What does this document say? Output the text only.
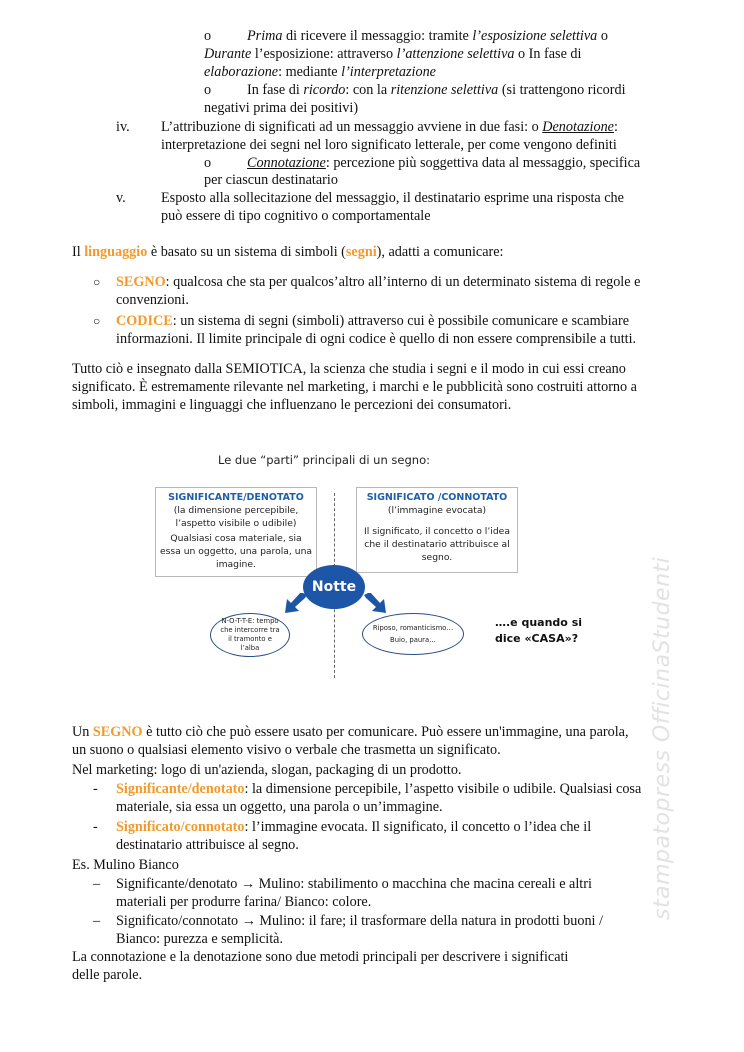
o	Prima di ricevere il messaggio: tramite l’esposizione selettiva o
Durante l’esposizione: attraverso l’attenzione selettiva o In fase di
elaborazione: mediante l’interpretazione
o	In fase di ricordo: con la ritenzione selettiva (si trattengono ricordi
negativi prima dei positivi)
iv. L’attribuzione di significati ad un messaggio avviene in due fasi: o Denotazione:
interpretazione dei segni nel loro significato letterale, per come vengono definiti
o	Connotazione: percezione più soggettiva data al messaggio, specifica
per ciascun destinatario
v. Esposto alla sollecitazione del messaggio, il destinatario esprime una risposta che
può essere di tipo cognitivo o comportamentale
Il linguaggio è basato su un sistema di simboli (segni), adatti a comunicare:
○ SEGNO: qualcosa che sta per qualcos’altro all’interno di un determinato sistema di regole e
convenzioni.
○ CODICE: un sistema di segni (simboli) attraverso cui è possibile comunicare e scambiare
informazioni. Il limite principale di ogni codice è quello di non essere comprensibile a tutti.
Tutto ciò e insegnato dalla SEMIOTICA, la scienza che studia i segni e il modo in cui essi creano
significato. È estremamente rilevante nel marketing, i marchi e le pubblicità sono costruiti attorno a
simboli, immagini e linguaggi che influenzano le percezioni dei consumatori.
Le due “parti” principali di un segno:
SIGNIFICANTE/DENOTATO
(la dimensione percepibile,
l’aspetto visibile o udibile)
Qualsiasi cosa materiale, sia
essa un oggetto, una parola, una
imagine.
SIGNIFICATO /CONNOTATO
(l’immagine evocata)
Il significato, il concetto o l’idea
che il destinatario attribuisce al
segno.
Notte
N-O-T-T-E: tempo
che intercorre tra
il tramonto e
l’alba
Riposo, romanticismo…
Buio, paura…
….e quando si
dice «CASA»?
Un SEGNO è tutto ciò che può essere usato per comunicare. Può essere un'immagine, una parola,
un suono o qualsiasi elemento visivo o verbale che trasmetta un significato.
Nel marketing: logo di un'azienda, slogan, packaging di un prodotto.
- Significante/denotato: la dimensione percepibile, l’aspetto visibile o udibile. Qualsiasi cosa
materiale, sia essa un oggetto, una parola o un’immagine.
- Significato/connotato: l’immagine evocata. Il significato, il concetto o l’idea che il
destinatario attribuisce al segno.
Es. Mulino Bianco
– Significante/denotato → Mulino: stabilimento o macchina che macina cereali e altri
materiali per produrre farina/ Bianco: colore.
– Significato/connotato → Mulino: il fare; il trasformare della natura in prodotti buoni /
Bianco: purezza e semplicità.
La connotazione e la denotazione sono due metodi principali per descrivere i significati
delle parole.
stampatopress OfficinaStudenti
